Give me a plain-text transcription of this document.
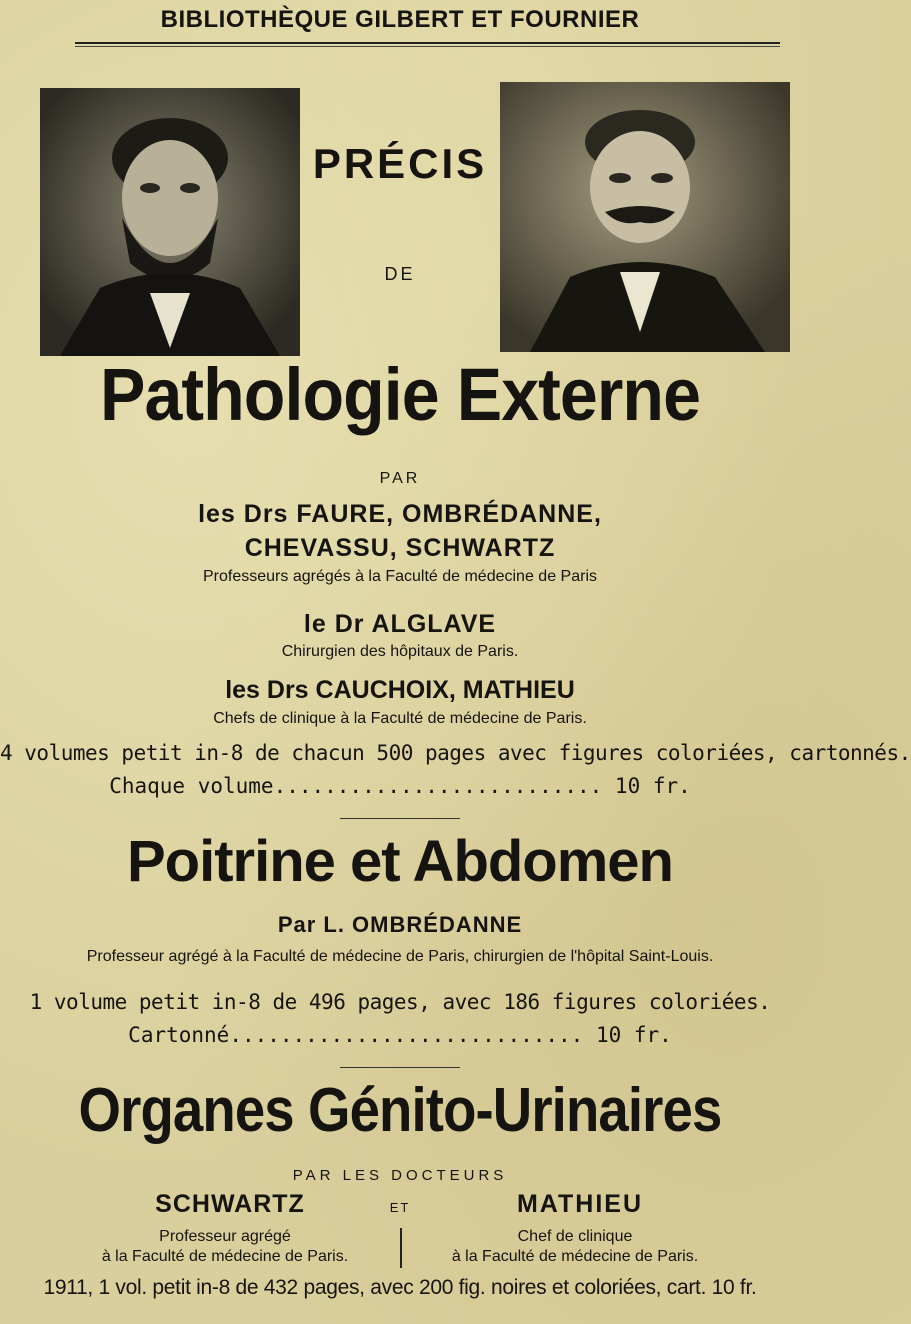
BIBLIOTHÈQUE GILBERT ET FOURNIER
PRÉCIS
DE
Pathologie Externe
PAR
les Drs FAURE, OMBRÉDANNE,
CHEVASSU, SCHWARTZ
Professeurs agrégés à la Faculté de médecine de Paris
le Dr ALGLAVE
Chirurgien des hôpitaux de Paris.
les Drs CAUCHOIX, MATHIEU
Chefs de clinique à la Faculté de médecine de Paris.
4 volumes petit in-8 de chacun 500 pages avec figures coloriées, cartonnés.
Chaque volume.......................... 10 fr.
Poitrine et Abdomen
Par L. OMBRÉDANNE
Professeur agrégé à la Faculté de médecine de Paris, chirurgien de l'hôpital Saint-Louis.
1 volume petit in-8 de 496 pages, avec 186 figures coloriées.
Cartonné............................ 10 fr.
Organes Génito-Urinaires
PAR LES DOCTEURS
SCHWARTZ	ET	MATHIEU
Professeur agrégé
à la Faculté de médecine de Paris.
Chef de clinique
à la Faculté de médecine de Paris.
1911, 1 vol. petit in-8 de 432 pages, avec 200 fig. noires et coloriées, cart. 10 fr.
